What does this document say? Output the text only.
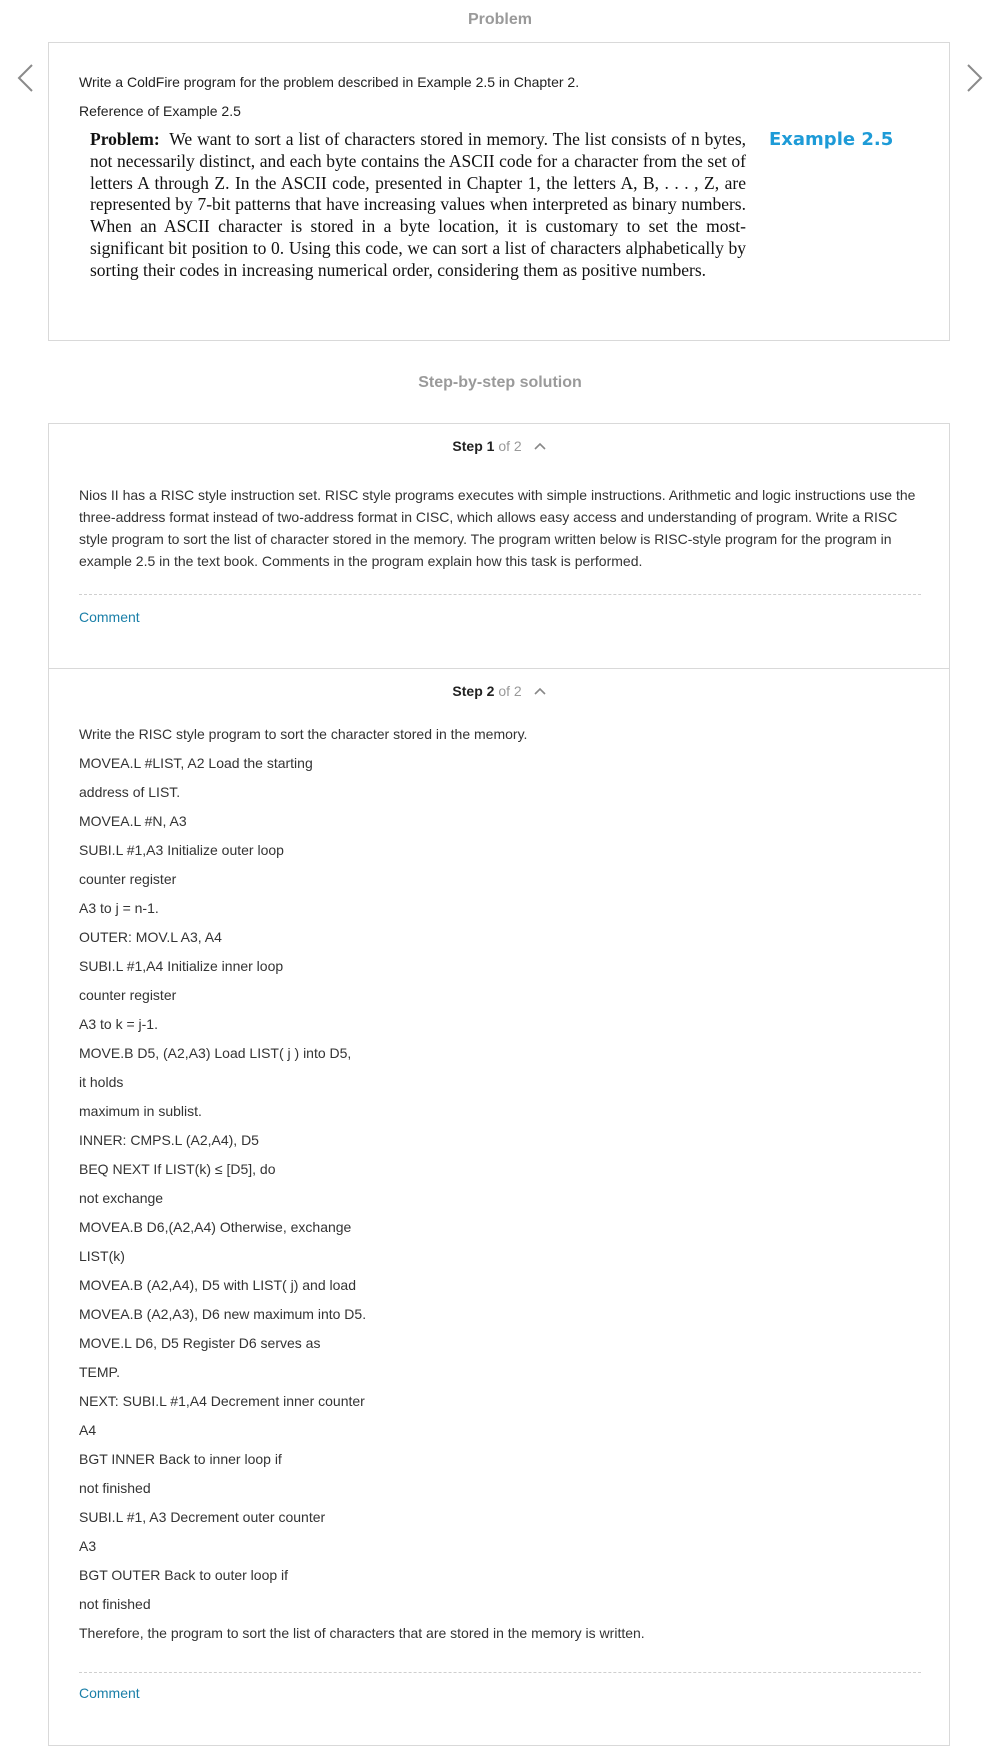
Problem
Write a ColdFire program for the problem described in Example 2.5 in Chapter 2.
Reference of Example 2.5
Problem: We want to sort a list of characters stored in memory. The list consists of n bytes, not necessarily distinct, and each byte contains the ASCII code for a character from the set of letters A through Z. In the ASCII code, presented in Chapter 1, the letters A, B, . . . , Z, are represented by 7-bit patterns that have increasing values when interpreted as binary numbers. When an ASCII character is stored in a byte location, it is customary to set the most-significant bit position to 0. Using this code, we can sort a list of characters alphabetically by sorting their codes in increasing numerical order, considering them as positive numbers.
Example 2.5
Step-by-step solution
Step 1 of 2
Nios II has a RISC style instruction set. RISC style programs executes with simple instructions. Arithmetic and logic instructions use the three-address format instead of two-address format in CISC, which allows easy access and understanding of program. Write a RISC style program to sort the list of character stored in the memory. The program written below is RISC-style program for the program in example 2.5 in the text book. Comments in the program explain how this task is performed.
Comment
Step 2 of 2
Write the RISC style program to sort the character stored in the memory.
MOVEA.L #LIST, A2 Load the starting
address of LIST.
MOVEA.L #N, A3
SUBI.L #1,A3 Initialize outer loop
counter register
A3 to j = n-1.
OUTER: MOV.L A3, A4
SUBI.L #1,A4 Initialize inner loop
counter register
A3 to k = j-1.
MOVE.B D5, (A2,A3) Load LIST( j ) into D5,
it holds
maximum in sublist.
INNER: CMPS.L (A2,A4), D5
BEQ NEXT If LIST(k) ≤ [D5], do
not exchange
MOVEA.B D6,(A2,A4) Otherwise, exchange
LIST(k)
MOVEA.B (A2,A4), D5 with LIST( j) and load
MOVEA.B (A2,A3), D6 new maximum into D5.
MOVE.L D6, D5 Register D6 serves as
TEMP.
NEXT: SUBI.L #1,A4 Decrement inner counter
A4
BGT INNER Back to inner loop if
not finished
SUBI.L #1, A3 Decrement outer counter
A3
BGT OUTER Back to outer loop if
not finished
Therefore, the program to sort the list of characters that are stored in the memory is written.
Comment
